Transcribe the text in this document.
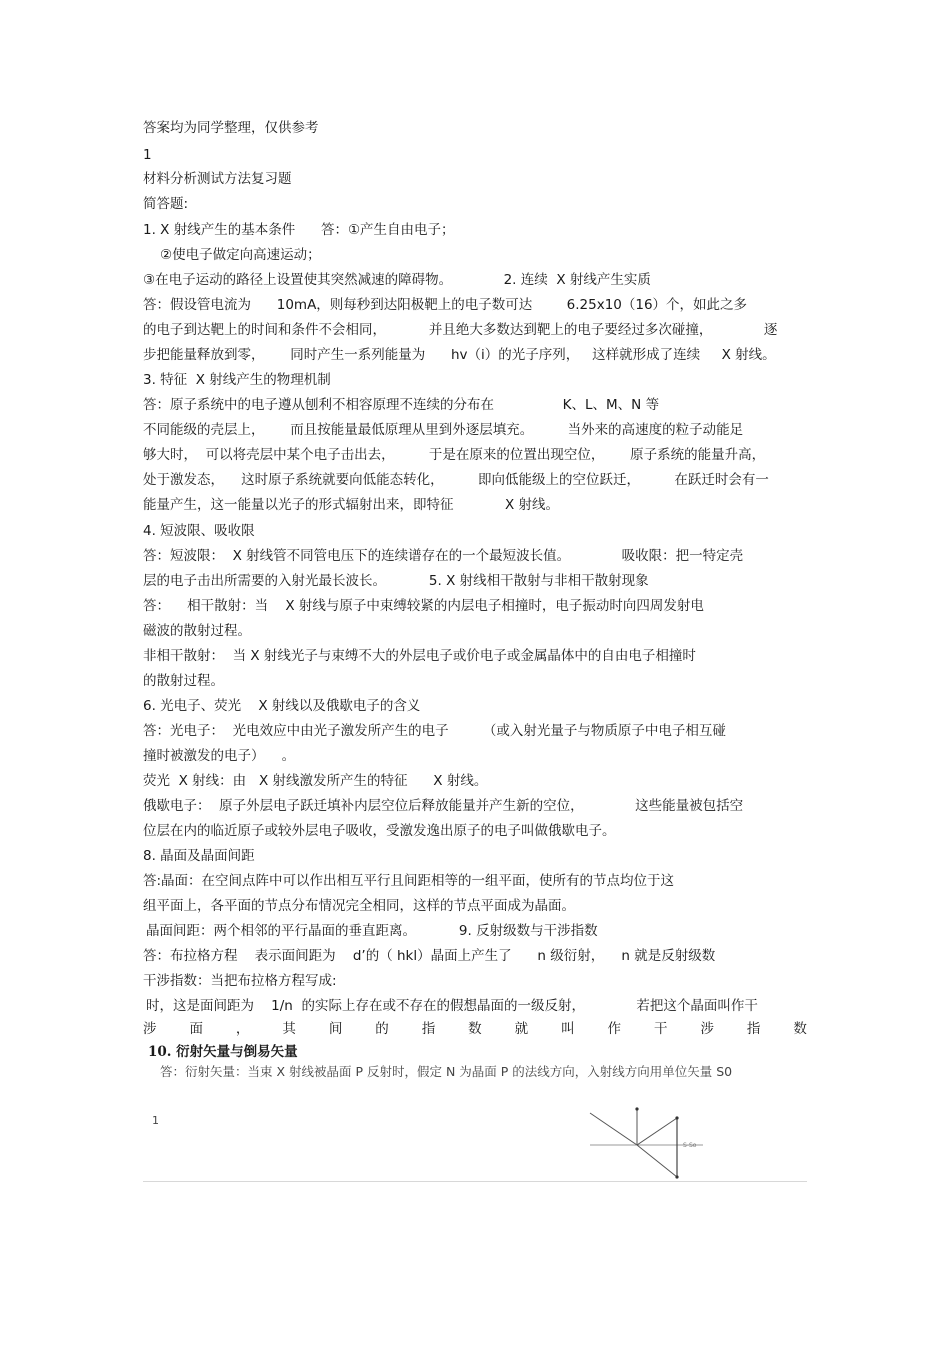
答案均为同学整理，仅供参考
1
材料分析测试方法复习题
简答题:
1. X 射线产生的基本条件      答：①产生自由电子；
②使电子做定向高速运动；
③在电子运动的路径上设置使其突然减速的障碍物。            2. 连续  X 射线产生实质
答：假设管电流为      10mA，则每秒到达阳极靶上的电子数可达        6.25x10（16）个，如此之多
的电子到达靶上的时间和条件不会相同，          并且绝大多数达到靶上的电子要经过多次碰撞，            逐
步把能量释放到零，      同时产生一系列能量为      hv（i）的光子序列，   这样就形成了连续     X 射线。
3. 特征  X 射线产生的物理机制
答：原子系统中的电子遵从刨利不相容原理不连续的分布在                K、L、M、N 等
不同能级的壳层上，      而且按能量最低原理从里到外逐层填充。        当外来的高速度的粒子动能足
够大时，  可以将壳层中某个电子击出去，        于是在原来的位置出现空位，      原子系统的能量升高，
处于激发态，    这时原子系统就要向低能态转化，        即向低能级上的空位跃迁，        在跃迁时会有一
能量产生，这一能量以光子的形式辐射出来，即特征            X 射线。
4. 短波限、吸收限
答：短波限：  X 射线管不同管电压下的连续谱存在的一个最短波长值。            吸收限：把一特定壳
层的电子击出所需要的入射光最长波长。          5. X 射线相干散射与非相干散射现象
答：    相干散射：当    X 射线与原子中束缚较紧的内层电子相撞时，电子振动时向四周发射电
磁波的散射过程。
非相干散射：  当 X 射线光子与束缚不大的外层电子或价电子或金属晶体中的自由电子相撞时
的散射过程。
6. 光电子、荧光    X 射线以及俄歇电子的含义
答：光电子：  光电效应中由光子激发所产生的电子        （或入射光量子与物质原子中电子相互碰
撞时被激发的电子）    。
荧光  X 射线：由   X 射线激发所产生的特征      X 射线。
俄歇电子：  原子外层电子跃迁填补内层空位后释放能量并产生新的空位，            这些能量被包括空
位层在内的临近原子或较外层电子吸收，受激发逸出原子的电子叫做俄歇电子。
8. 晶面及晶面间距
答:晶面：在空间点阵中可以作出相互平行且间距相等的一组平面，使所有的节点均位于这
组平面上，各平面的节点分布情况完全相同，这样的节点平面成为晶面。
晶面间距：两个相邻的平行晶面的垂直距离。          9. 反射级数与干涉指数
答：布拉格方程    表示面间距为    d’的（ hkl）晶面上产生了      n 级衍射，    n 就是反射级数
干涉指数：当把布拉格方程写成:
时，这是面间距为    1/n  的实际上存在或不存在的假想晶面的一级反射，            若把这个晶面叫作干
涉 面 ， 其 间 的 指 数 就 叫 作 干 涉 指 数
10. 衍射矢量与倒易矢量
答：衍射矢量：当束 X 射线被晶面 P 反射时，假定 N 为晶面 P 的法线方向，入射线方向用单位矢量 S0
1
S-So
